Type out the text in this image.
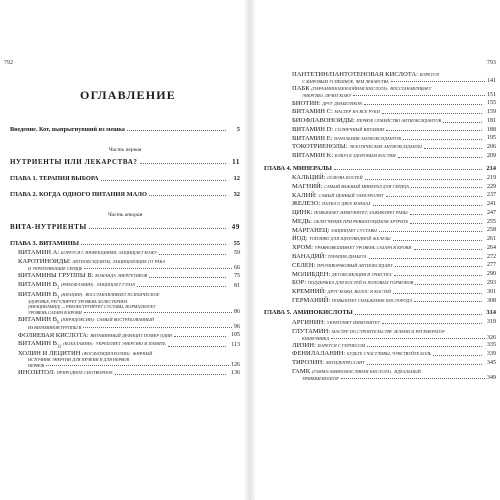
792
ОГЛАВЛЕНИЕ
Введение. Кот, выпрыгнувший из мешка	5
Часть первая
НУТРИЕНТЫ ИЛИ ЛЕКАРСТВА?	11
ГЛАВА 1. ТЕРАПИЯ ВЫБОРА	12
ГЛАВА 2. КОГДА ОДНОГО ПИТАНИЯ МАЛО	32
Часть вторая
ВИТА-НУТРИЕНТЫ	49
ГЛАВА 3. ВИТАМИНЫ	55
ВИТАМИН A: БОРЕТСЯ С ИНФЕКЦИЯМИ, ЗАЩИЩАЕТ КОЖУ	59
КАРОТИНОИДЫ: АНТИОКСИДАНТЫ, ЗАЩИЩАЮЩИЕ ОТ РАКА
И УКРЕПЛЯЮЩИЕ СЕРДЦЕ	66
ВИТАМИНЫ ГРУППЫ B: КОМАНДА ЭНЕРГЕТИКОВ	75
ВИТАМИН $B_2$ (РИБОФЛАВИН): ЗАЩИЩАЕТ ГЛАЗА	81
ВИТАМИН $B_3$ (НИАЦИН): ВОССТАНАВЛИВАЕТ ПСИХИЧЕСКОЕ
ЗДОРОВЬЕ, РЕГУЛИРУЕТ УРОВЕНЬ ХОЛЕСТЕРИНА
(НИАЦИНАМИД) — РЕКОНСТРУИРУЕТ СУСТАВЫ, НОРМАЛИЗУЕТ
УРОВЕНЬ САХАРА В КРОВИ	86
ВИТАМИН $B_6$ (ПИРИДОКСИН): САМЫЙ ВОСТРЕБОВАННЫЙ
ИЗ ВИТАМИНОВ ГРУППЫ B	96
ФОЛИЕВАЯ КИСЛОТА: ВИТАМИННЫЙ ДЕФИЦИТ ПОМЕР ОДИН	105
ВИТАМИН $B_{12}$ (КОБАЛАМИН): УКРЕПЛЯЕТ ЭНЕРГИЮ И ПАМЯТЬ	113
ХОЛИН И ЛЕЦИТИН (ФОСФАТИДИЛХОЛИН): ЖИРНЫЙ
ИСТОЧНИК ЭНЕРГИИ ДЛЯ ПЕЧЕНИ И ДЛЯ НЕРВОВ
НЕРВОВ	126
ИНОЗИТОЛ: ПРИРОДНОЕ СНОТВОРНОЕ	136
793
ПАНТЕТИН/ПАНТОТЕНОВАЯ КИСЛОТА: БОРЕТСЯ
С ЖИРОВЫМ УСПЕШНОЕ, ЧЕМ ЛЕКАРСТВА	141
ПАБК (ПАРААМИНОБЕНЗОЙНАЯ КИСЛОТА): ВОССТАНАВЛИВАЕТ
ЭНЕРГИЮ, ЛЕЧИТ КОЖУ	151
БИОТИН: ДРУГ ДИАБЕТИКОВ	155
ВИТАМИН C: МАСТЕР НА ВСЕ РУКИ	159
БИОФЛАВОНОИДЫ: ПЕРВОЕ СЕМЕЙСТВО АНТИОКСИДАНТОВ	181
ВИТАМИН D: СОЛНЕЧНЫЙ ВИТАМИН	188
ВИТАМИН E: НАЧАЛЬНИК АНТИОКСИДАНТОВ	195
ТОКОТРИЕНОЛЫ: ЭКЗОТИЧЕСКИЕ АНТИОКСИДАНТЫ	206
ВИТАМИН K: КЛЮЧ К ЗДОРОВЫМ КОСТЯМ	209
ГЛАВА 4. МИНЕРАЛЫ	214
КАЛЬЦИЙ: ОСНОВА КОСТЕЙ	219
МАГНИЙ: САМЫЙ ВАЖНЫЙ МИНЕРАЛ ДЛЯ СЕРДЦА	229
КАЛИЙ: САМЫЙ ЦЕННЫЙ ЭЛЕКТРОЛИТ	237
ЖЕЛЕЗО: ПАЛКА О ДВУХ КОНЦАХ	241
ЦИНК: ПОВЫШАЕТ ИММУНИТЕТ, ЗАЖИВЛЯЕТ РАНЫ	247
МЕДЬ: ОБЛЕГЧЕНИЕ ПРИ РЕВМАТОИДНОМ АРТРИТЕ	255
МАРГАНЕЦ: ЗАЩИЩАЕТ СУСТАВЫ	258
ЙОД: ТОПЛИВО ДЛЯ ЩИТОВИДНОЙ ЖЕЛЕЗЫ	261
ХРОМ: УРАВНОВЕШИВАЕТ УРОВЕНЬ САХАРА В КРОВИ	264
ВАНАДИЙ: ТЕРАПИЯ ДИАБЕТА	272
СЕЛЕН: ПРОТИВОРАКОВЫЙ АНТИОКСИДАНТ	277
МОЛИБДЕН: ДЕТОКСИКАЦИЯ И ОЧИСТКА	290
БОР: ПОДДЕРЖКА ДЛЯ КОСТЕЙ И ПОЛОВЫХ ГОРМОНОВ	293
КРЕМНИЙ: ДРУГ КОЖИ, ВОЛОС И КОСТЕЙ	301
ГЕРМАНИЙ: ПОВЫШАЕТ СНАБЖЕНИЕ КИСЛОРОДА	308
ГЛАВА 5. АМИНОКИСЛОТЫ	314
АРГИНИН: УКРЕПЛЯЕТ ИММУНИТЕТ	319
ГЛУТАМИН: МАСТЕР ПО СТРОИТЕЛЬСТВУ ЗЕЛЕНИ И РЕГЕНЕРАТОР
КИШЕЧНИКА	326
ЛИЗИН: БОРЕТСЯ С ГЕРПЕСОМ	335
ФЕНИЛАЛАНИН: БУДЬТЕ СЧАСТЛИВЫ, ЧУВСТВУЙТЕ БОЛЬ	339
ТИРОЗИН: АНТИДЕПРЕССАНТ	345
ГАМК (ГАММА-АМИНОМАСЛЯНАЯ КИСЛОТА): ИДЕАЛЬНЫЙ
ТРАНКВИЛИЗАТОР	349
